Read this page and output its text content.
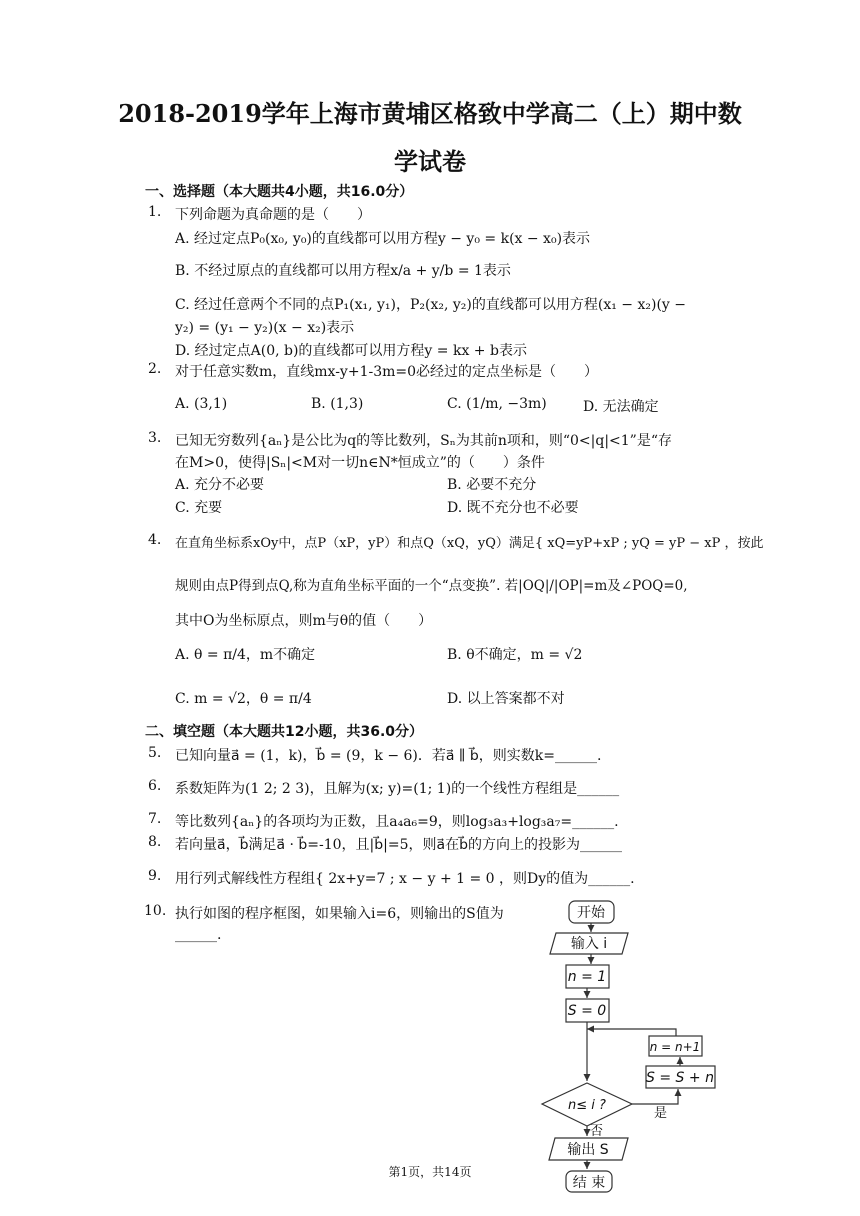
2018-2019学年上海市黄埔区格致中学高二（上）期中数
学试卷
一、选择题（本大题共4小题，共16.0分）
1. 下列命题为真命题的是（　　）
A. 经过定点P₀(x₀, y₀)的直线都可以用方程y − y₀ = k(x − x₀)表示
B. 不经过原点的直线都可以用方程x/a + y/b = 1表示
C. 经过任意两个不同的点P₁(x₁, y₁)，P₂(x₂, y₂)的直线都可以用方程(x₁ − x₂)(y −
y₂) = (y₁ − y₂)(x − x₂)表示
D. 经过定点A(0, b)的直线都可以用方程y = kx + b表示
2. 对于任意实数m，直线mx-y+1-3m=0必经过的定点坐标是（　　）
A. (3,1)	B. (1,3)	C. (1/m, −3m)	D. 无法确定
3. 已知无穷数列{aₙ}是公比为q的等比数列，Sₙ为其前n项和，则“0<|q|<1”是“存
在M>0，使得|Sₙ|<M对一切n∈N*恒成立”的（　　）条件
A. 充分不必要	B. 必要不充分
C. 充要	D. 既不充分也不必要
4. 在直角坐标系xOy中，点P（xP，yP）和点Q（xQ，yQ）满足{ xQ=yP+xP ; yQ = yP − xP ，按此
规则由点P得到点Q,称为直角坐标平面的一个“点变换”. 若|OQ|/|OP|=m及∠POQ=0,
其中O为坐标原点，则m与θ的值（　　）
A. θ = π/4，m不确定	B. θ不确定，m = √2
C. m = √2，θ = π/4	D. 以上答案都不对
二、填空题（本大题共12小题，共36.0分）
5. 已知向量a⃗ = (1，k)，b⃗ = (9，k − 6)．若a⃗ ∥ b⃗，则实数k=______.
6. 系数矩阵为(1 2; 2 3)，且解为(x; y)=(1; 1)的一个线性方程组是______
7. 等比数列{aₙ}的各项均为正数，且a₄a₆=9，则log₃a₃+log₃a₇=______.
8. 若向量a⃗，b⃗满足a⃗ · b⃗=-10，且|b⃗|=5，则a⃗在b⃗的方向上的投影为______
9. 用行列式解线性方程组{ 2x+y=7 ; x − y + 1 = 0 ，则Dy的值为______.
10. 执行如图的程序框图，如果输入i=6，则输出的S值为
______.
开始
输入 i
n = 1
S = 0
n = n+1
S = S + n
n≤ i ?
是
否
输出 S
结 束
第1页，共14页
